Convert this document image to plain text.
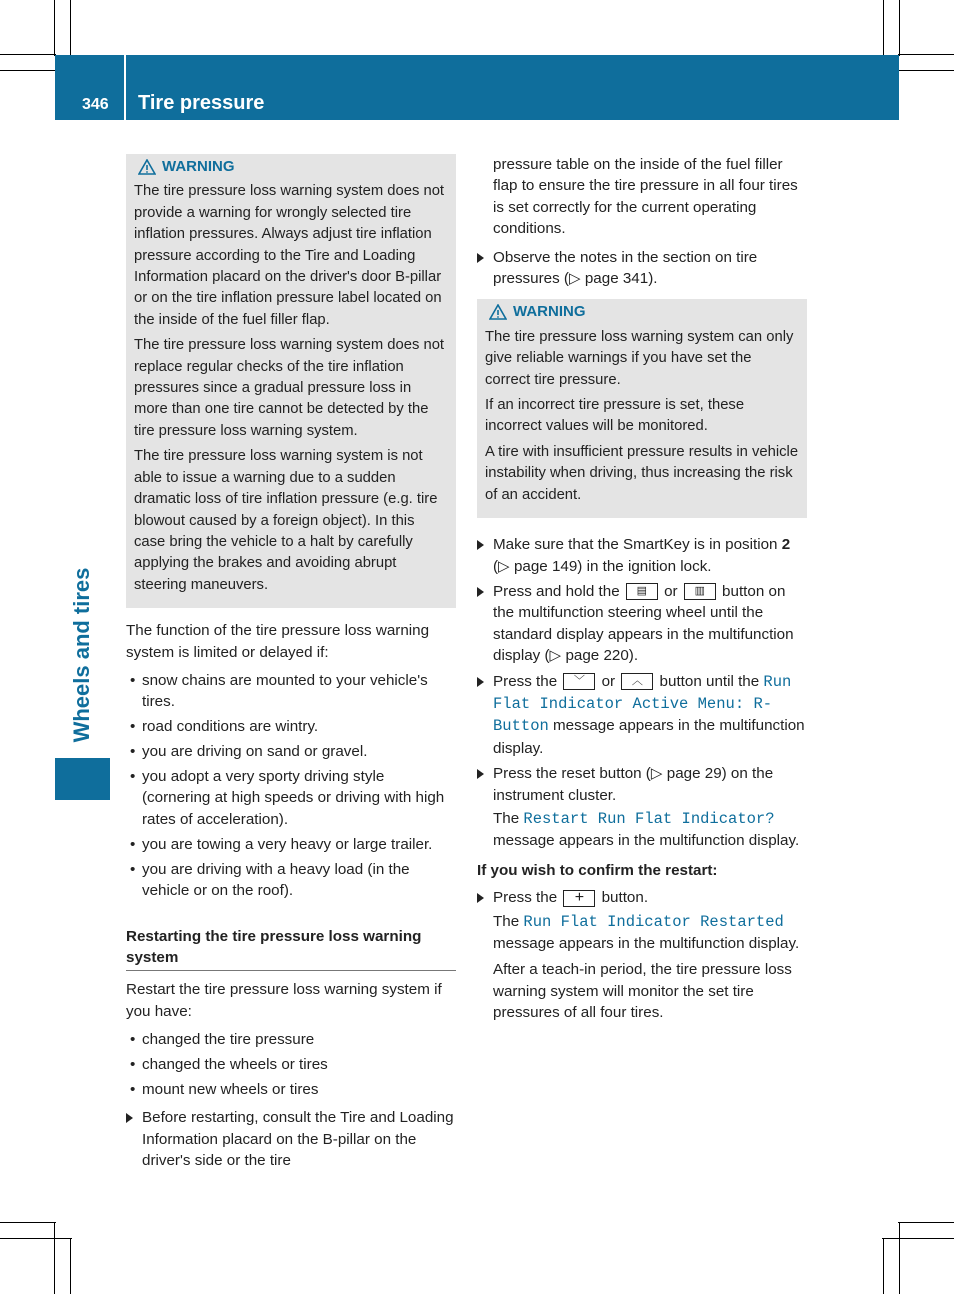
346 Tire pressure
Wheels and tires
WARNING

The tire pressure loss warning system does not provide a warning for wrongly selected tire inflation pressures. Always adjust tire inflation pressure according to the Tire and Loading Information placard on the driver's door B-pillar or on the tire inflation pressure label located on the inside of the fuel filler flap.

The tire pressure loss warning system does not replace regular checks of the tire inflation pressures since a gradual pressure loss in more than one tire cannot be detected by the tire pressure loss warning system.

The tire pressure loss warning system is not able to issue a warning due to a sudden dramatic loss of tire inflation pressure (e.g. tire blowout caused by a foreign object). In this case bring the vehicle to a halt by carefully applying the brakes and avoiding abrupt steering maneuvers.

The function of the tire pressure loss warning system is limited or delayed if:

• snow chains are mounted to your vehicle's tires.
• road conditions are wintry.
• you are driving on sand or gravel.
• you adopt a very sporty driving style (cornering at high speeds or driving with high rates of acceleration).
• you are towing a very heavy or large trailer.
• you are driving with a heavy load (in the vehicle or on the roof).
Restarting the tire pressure loss warning system

Restart the tire pressure loss warning system if you have:

• changed the tire pressure
• changed the wheels or tires
• mount new wheels or tires
Before restarting, consult the Tire and Loading Information placard on the B-pillar on the driver's side or the tire

pressure table on the inside of the fuel filler flap to ensure the tire pressure in all four tires is set correctly for the current operating conditions.

Observe the notes in the section on tire pressures (▷ page 341).
WARNING

The tire pressure loss warning system can only give reliable warnings if you have set the correct tire pressure.

If an incorrect tire pressure is set, these incorrect values will be monitored.

A tire with insufficient pressure results in vehicle instability when driving, thus increasing the risk of an accident.

Make sure that the SmartKey is in position 2 (▷ page 149) in the ignition lock.
Press and hold the ▤ or ▥ button on the multifunction steering wheel until the standard display appears in the multifunction display (▷ page 220).
Press the ﹀ or ︿ button until the Run Flat Indicator Active Menu: R-Button message appears in the multifunction display.
Press the reset button (▷ page 29) on the instrument cluster.
The Restart Run Flat Indicator?
message appears in the multifunction display.
If you wish to confirm the restart:
Press the + button.
The Run Flat Indicator Restarted
message appears in the multifunction display.
After a teach-in period, the tire pressure loss warning system will monitor the set tire pressures of all four tires.
